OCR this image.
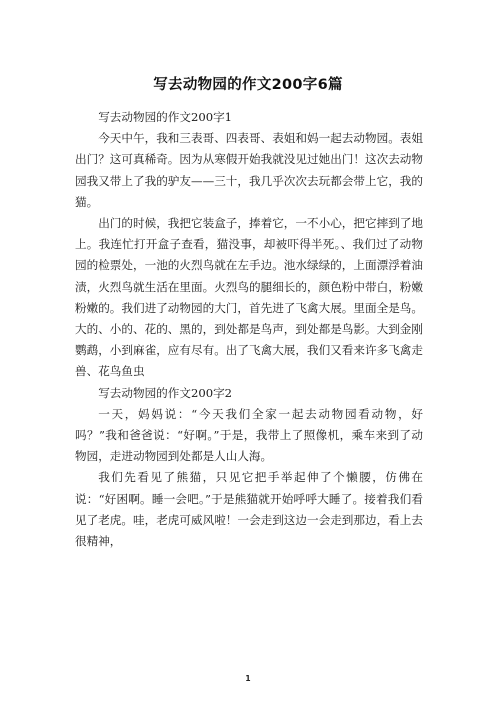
写去动物园的作文200字6篇

写去动物园的作文200字1

今天中午，我和三表哥、四表哥、表姐和妈一起去动物园。表姐出门？这可真稀奇。因为从寒假开始我就没见过她出门！这次去动物园我又带上了我的驴友——三十，我几乎次次去玩都会带上它，我的猫。

出门的时候，我把它装盒子，捧着它，一不小心，把它摔到了地上。我连忙打开盒子查看，猫没事，却被吓得半死。、我们过了动物园的检票处，一池的火烈鸟就在左手边。池水绿绿的，上面漂浮着油渍，火烈鸟就生活在里面。火烈鸟的腿细长的，颜色粉中带白，粉嫩粉嫩的。我们进了动物园的大门，首先进了飞禽大展。里面全是鸟。大的、小的、花的、黑的，到处都是鸟声，到处都是鸟影。大到金刚鹦鹉，小到麻雀，应有尽有。出了飞禽大展，我们又看来许多飞禽走兽、花鸟鱼虫

写去动物园的作文200字2

一天，妈妈说：“今天我们全家一起去动物园看动物，好吗？”我和爸爸说：“好啊。”于是，我带上了照像机，乘车来到了动物园，走进动物园到处都是人山人海。

我们先看见了熊猫，只见它把手举起伸了个懒腰，仿佛在说：“好困啊。睡一会吧。”于是熊猫就开始呼呼大睡了。接着我们看见了老虎。哇，老虎可威风啦！一会走到这边一会走到那边，看上去很精神，

1
